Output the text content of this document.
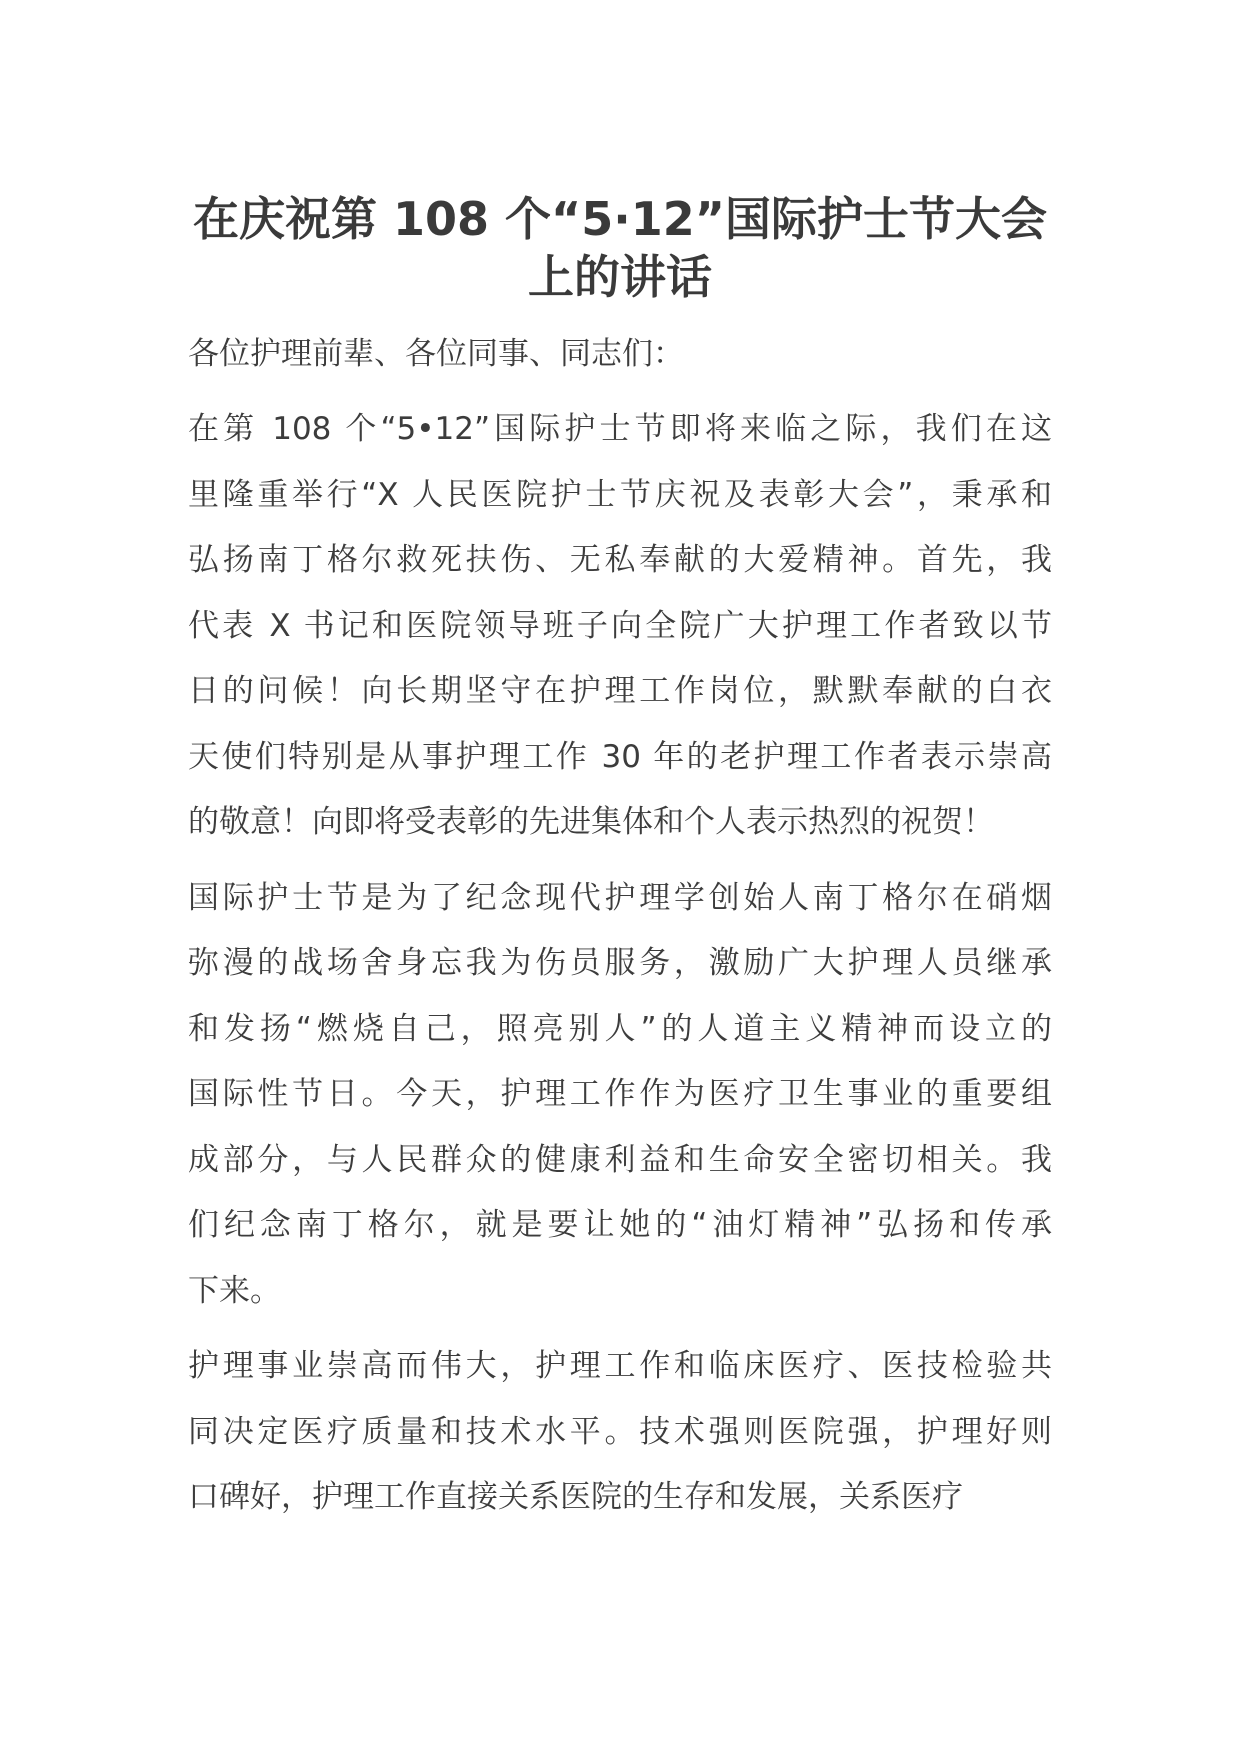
在庆祝第 108 个“5·12”国际护士节大会
上的讲话

各位护理前辈、各位同事、同志们：

在第 108 个“5•12”国际护士节即将来临之际，我们在这
里隆重举行“X 人民医院护士节庆祝及表彰大会”，秉承和
弘扬南丁格尔救死扶伤、无私奉献的大爱精神。首先，我
代表 X 书记和医院领导班子向全院广大护理工作者致以节
日的问候！向长期坚守在护理工作岗位，默默奉献的白衣
天使们特别是从事护理工作 30 年的老护理工作者表示崇高
的敬意！向即将受表彰的先进集体和个人表示热烈的祝贺！

国际护士节是为了纪念现代护理学创始人南丁格尔在硝烟
弥漫的战场舍身忘我为伤员服务，激励广大护理人员继承
和发扬“燃烧自己，照亮别人”的人道主义精神而设立的
国际性节日。今天，护理工作作为医疗卫生事业的重要组
成部分，与人民群众的健康利益和生命安全密切相关。我
们纪念南丁格尔，就是要让她的“油灯精神”弘扬和传承
下来。

护理事业崇高而伟大，护理工作和临床医疗、医技检验共
同决定医疗质量和技术水平。技术强则医院强，护理好则
口碑好，护理工作直接关系医院的生存和发展，关系医疗
